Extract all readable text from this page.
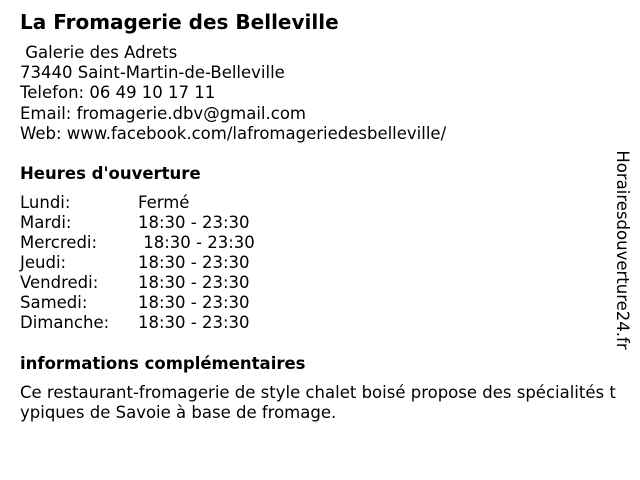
La Fromagerie des Belleville
Galerie des Adrets
73440 Saint-Martin-de-Belleville
Telefon: 06 49 10 17 11
Email: fromagerie.dbv@gmail.com
Web: www.facebook.com/lafromageriedesbelleville/
Heures d'ouverture
Lundi:	Fermé
Mardi:	18:30 - 23:30
Mercredi: 18:30 - 23:30
Jeudi:	18:30 - 23:30
Vendredi: 18:30 - 23:30
Samedi:	18:30 - 23:30
Dimanche: 18:30 - 23:30
informations complémentaires
Ce restaurant-fromagerie de style chalet boisé propose des spécialités typiques de Savoie à base de fromage.
Horairesdouverture24.fr
